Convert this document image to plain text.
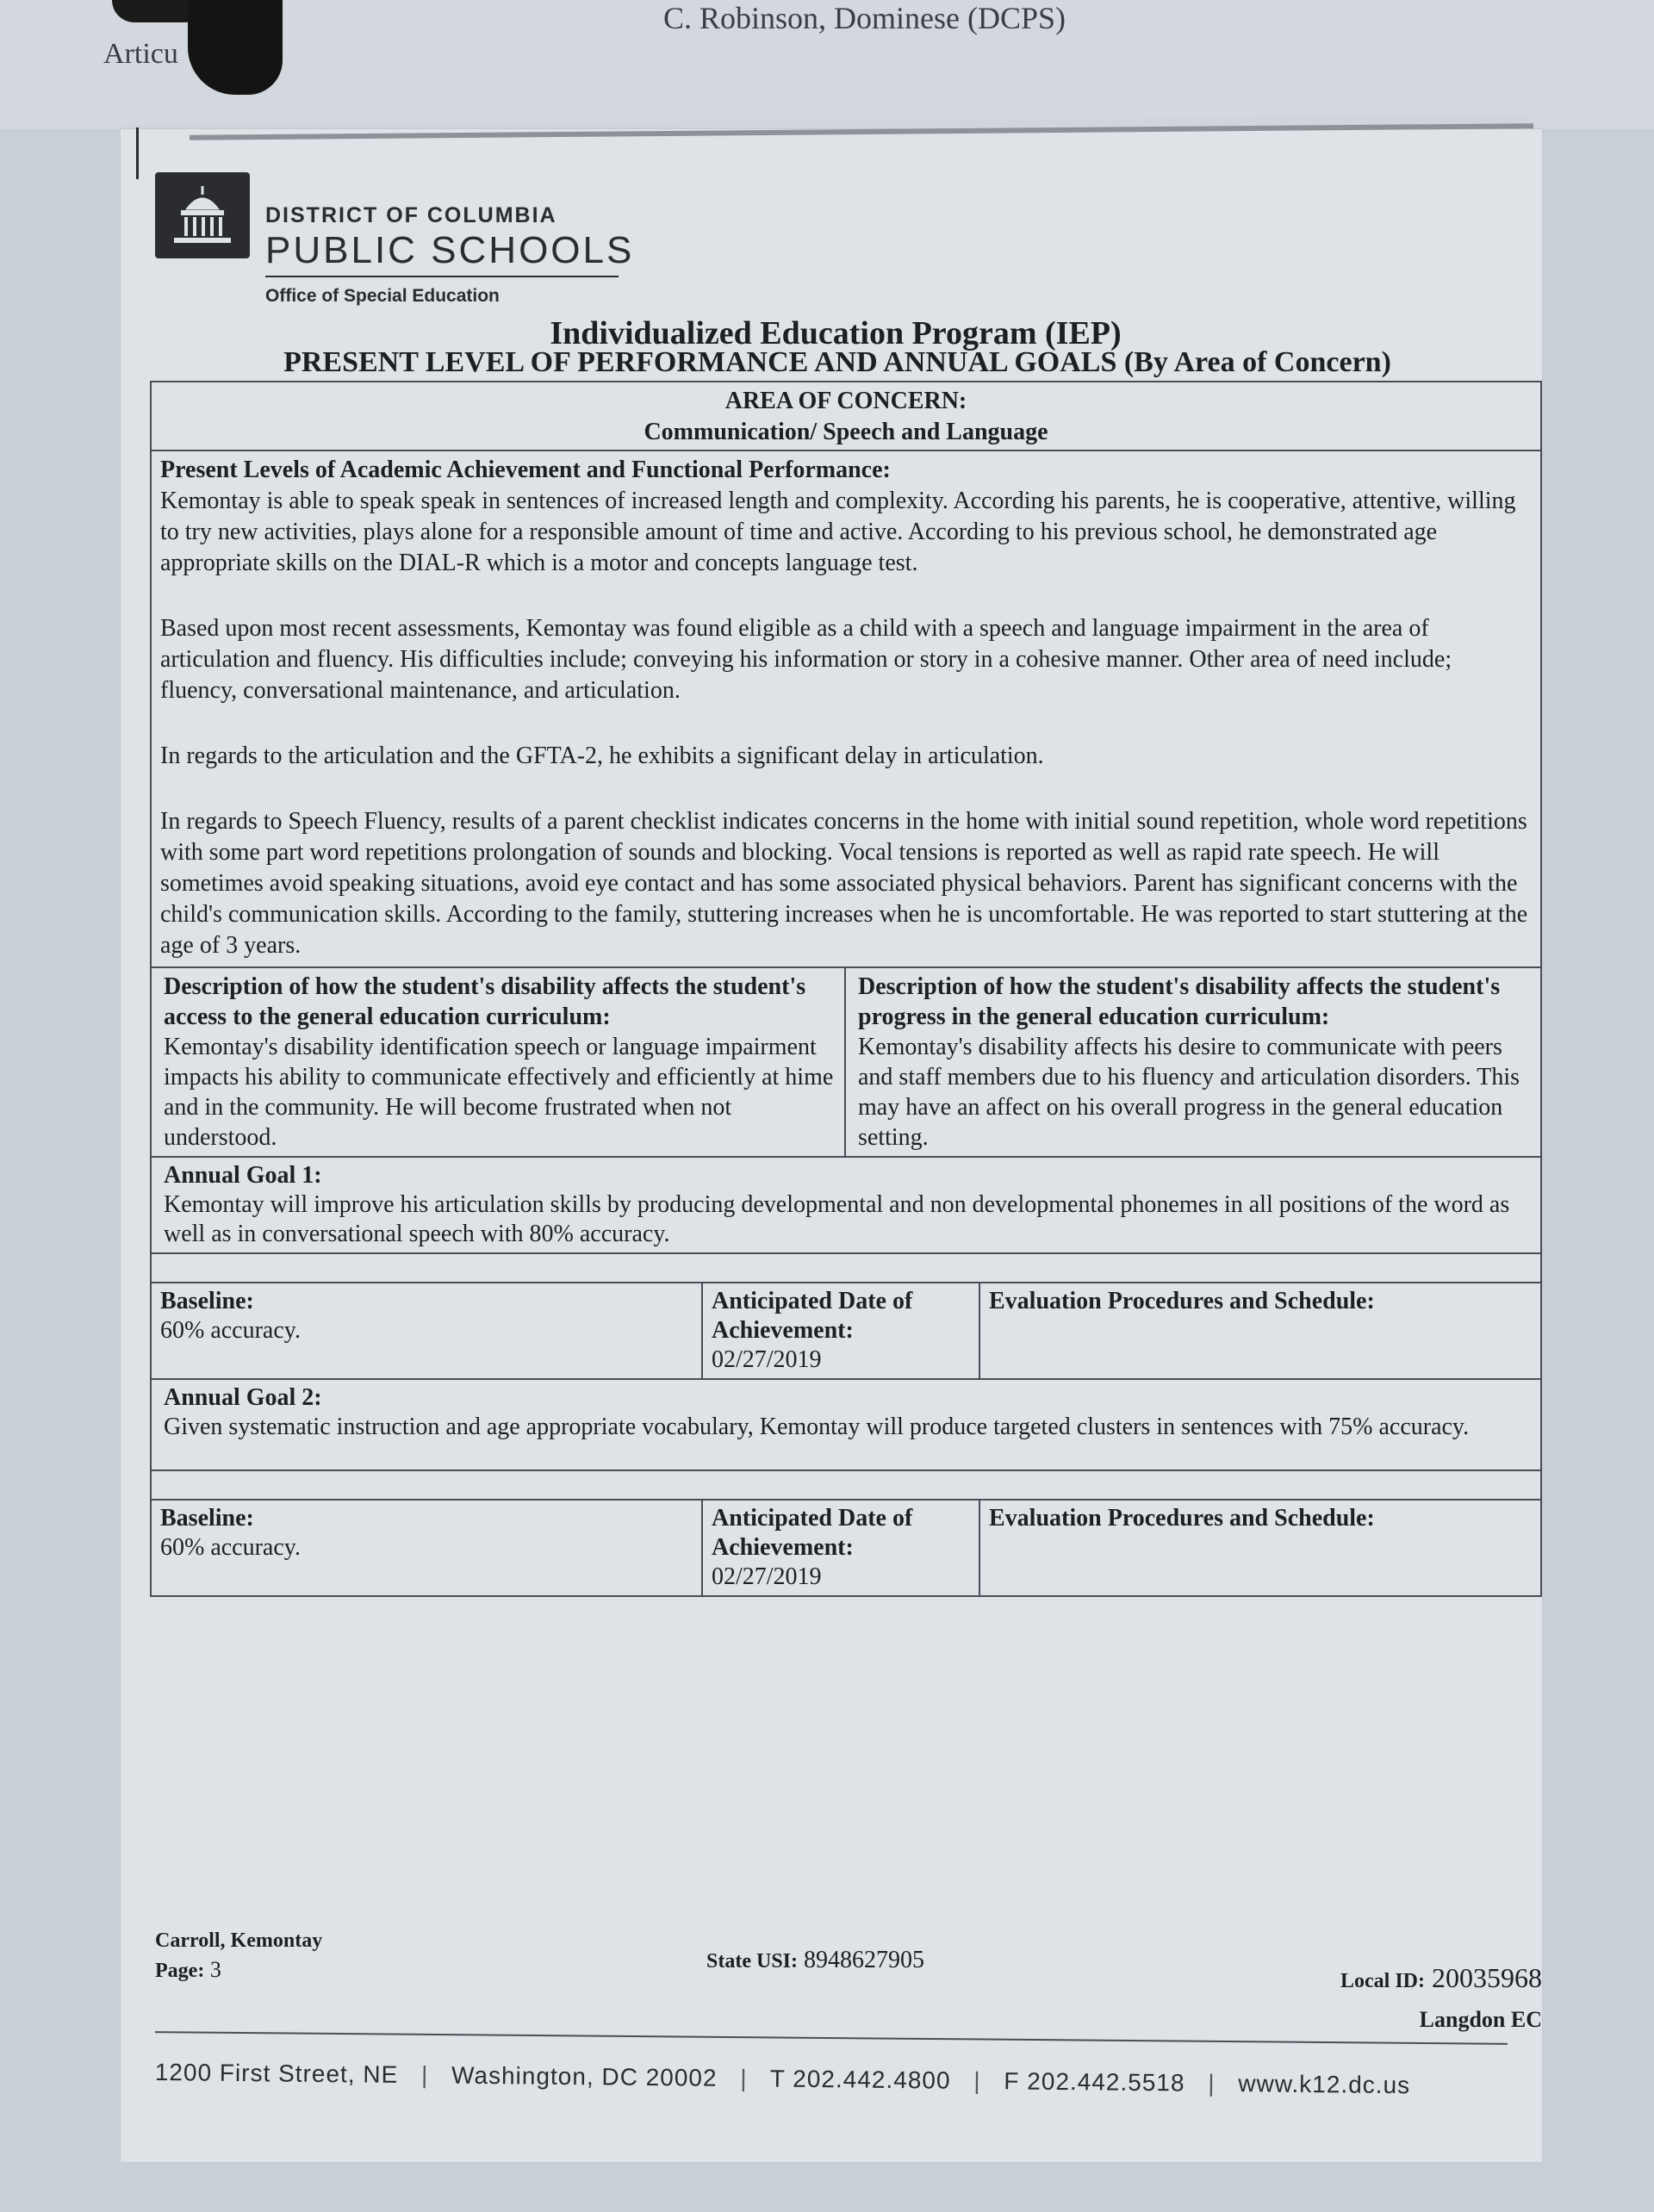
Articu
C. Robinson, Dominese (DCPS)
DISTRICT OF COLUMBIA
PUBLIC SCHOOLS
Office of Special Education
Individualized Education Program (IEP)
PRESENT LEVEL OF PERFORMANCE AND ANNUAL GOALS (By Area of Concern)
AREA OF CONCERN:
Communication/ Speech and Language
Present Levels of Academic Achievement and Functional Performance:

Kemontay is able to speak speak in sentences of increased length and complexity. According his parents, he is cooperative, attentive, willing to try new activities, plays alone for a responsible amount of time and active. According to his previous school, he demonstrated age appropriate skills on the DIAL-R which is a motor and concepts language test.

Based upon most recent assessments, Kemontay was found eligible as a child with a speech and language impairment in the area of articulation and fluency. His difficulties include; conveying his information or story in a cohesive manner. Other area of need include; fluency, conversational maintenance, and articulation.

In regards to the articulation and the GFTA-2, he exhibits a significant delay in articulation.

In regards to Speech Fluency, results of a parent checklist indicates concerns in the home with initial sound repetition, whole word repetitions with some part word repetitions prolongation of sounds and blocking. Vocal tensions is reported as well as rapid rate speech. He will sometimes avoid speaking situations, avoid eye contact and has some associated physical behaviors. Parent has significant concerns with the child's communication skills. According to the family, stuttering increases when he is uncomfortable. He was reported to start stuttering at the age of 3 years.

Description of how the student's disability affects the student's access to the general education curriculum:
Kemontay's disability identification speech or language impairment impacts his ability to communicate effectively and efficiently at hime and in the community. He will become frustrated when not understood.
Description of how the student's disability affects the student's progress in the general education curriculum:
Kemontay's disability affects his desire to communicate with peers and staff members due to his fluency and articulation disorders. This may have an affect on his overall progress in the general education setting.
Annual Goal 1:
Kemontay will improve his articulation skills by producing developmental and non developmental phonemes in all positions of the word as well as in conversational speech with 80% accuracy.
Baseline:
60% accuracy.
Anticipated Date of Achievement:
02/27/2019
Evaluation Procedures and Schedule:
Annual Goal 2:
Given systematic instruction and age appropriate vocabulary, Kemontay will produce targeted clusters in sentences with 75% accuracy.
Baseline:
60% accuracy.
Anticipated Date of Achievement:
02/27/2019
Evaluation Procedures and Schedule:
Carroll, Kemontay
Page: 3	State USI: 8948627905
Local ID: 20035968
Langdon EC
1200 First Street, NE | Washington, DC 20002 | T 202.442.4800 | F 202.442.5518 | www.k12.dc.us
